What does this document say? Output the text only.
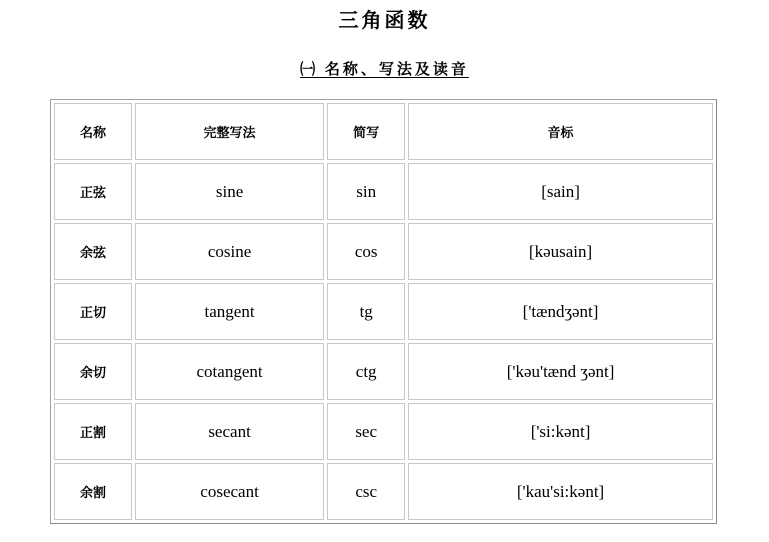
三角函数
㈠ 名称、写法及读音
名称	完整写法	简写	音标
正弦	sine	sin	[sain]
余弦	cosine	cos	[kəusain]
正切	tangent	tg	['tændʒənt]
余切	cotangent	ctg	['kəu'tænd ʒənt]
正割	secant	sec	['si:kənt]
余割	cosecant	csc	['kau'si:kənt]
